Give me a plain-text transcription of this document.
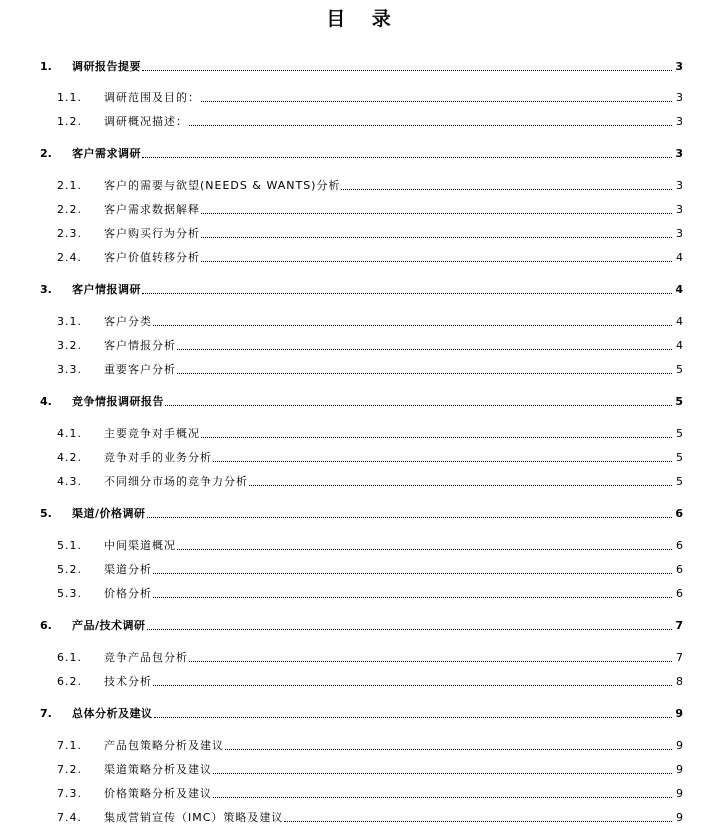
目 录
1.	调研报告提要	3
1.1.	调研范围及目的：	3
1.2.	调研概况描述：	3
2.	客户需求调研	3
2.1.	客户的需要与欲望(NEEDS & WANTS)分析	3
2.2.	客户需求数据解释	3
2.3.	客户购买行为分析	3
2.4.	客户价值转移分析	4
3.	客户情报调研	4
3.1.	客户分类	4
3.2.	客户情报分析	4
3.3.	重要客户分析	5
4.	竞争情报调研报告	5
4.1.	主要竞争对手概况	5
4.2.	竞争对手的业务分析	5
4.3.	不同细分市场的竞争力分析	5
5.	渠道/价格调研	6
5.1.	中间渠道概况	6
5.2.	渠道分析	6
5.3.	价格分析	6
6.	产品/技术调研	7
6.1.	竞争产品包分析	7
6.2.	技术分析	8
7.	总体分析及建议	9
7.1.	产品包策略分析及建议	9
7.2.	渠道策略分析及建议	9
7.3.	价格策略分析及建议	9
7.4.	集成营销宣传（IMC）策略及建议	9
